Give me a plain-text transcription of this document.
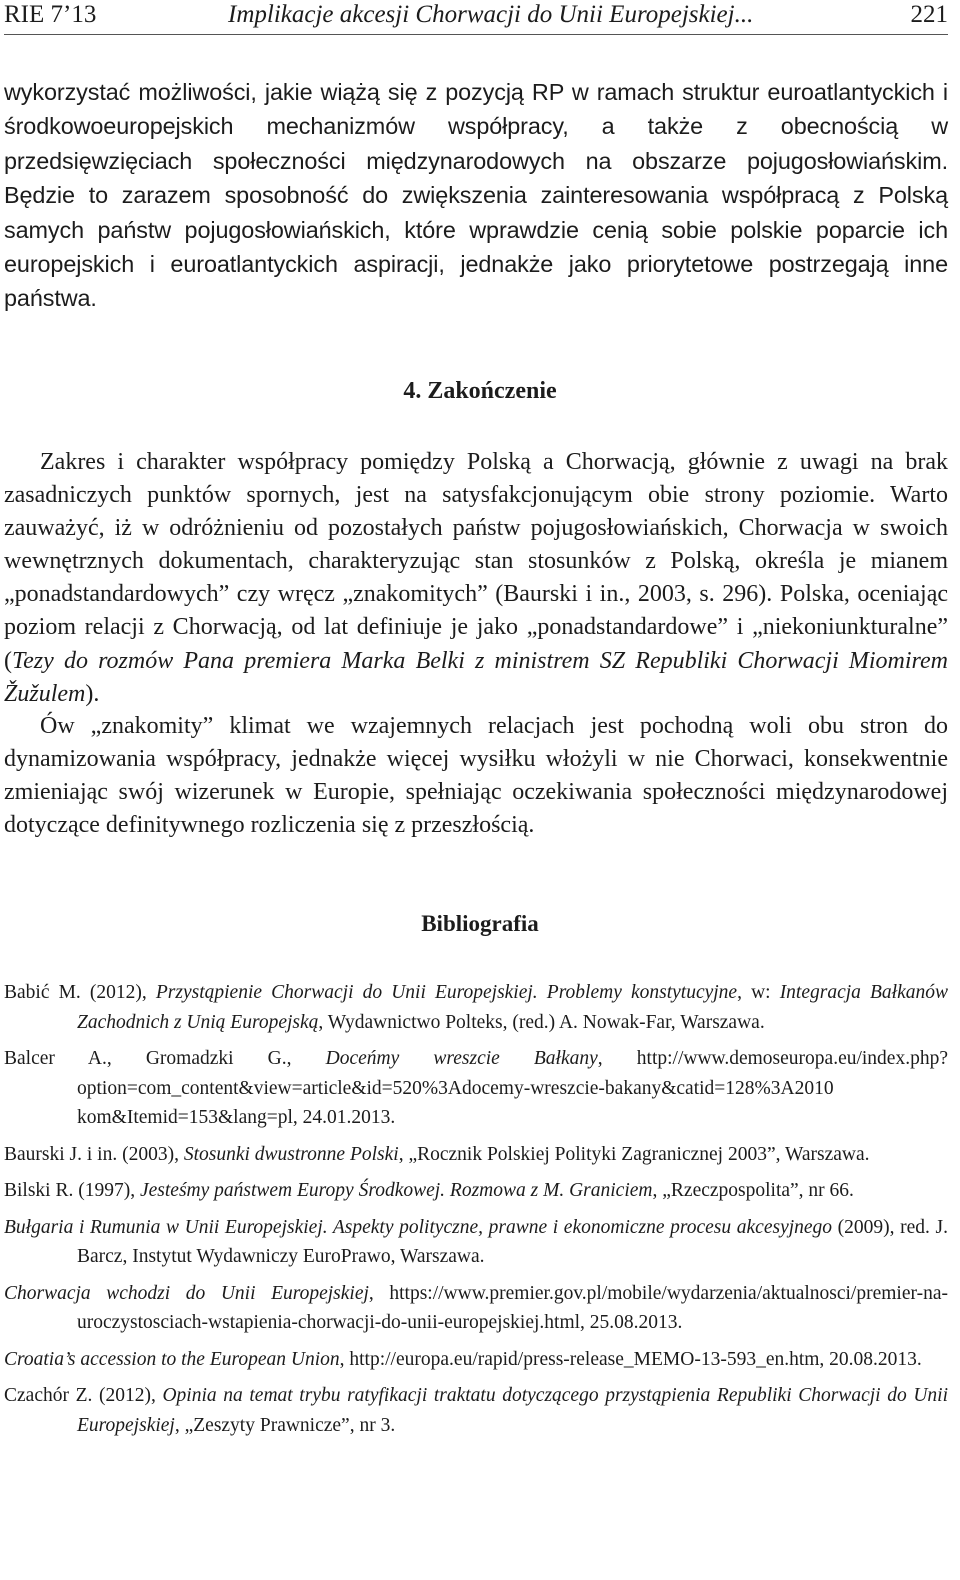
RIE 7’13	Implikacje akcesji Chorwacji do Unii Europejskiej...	221
wykorzystać możliwości, jakie wiążą się z pozycją RP w ramach struktur euroatlantyckich i środkowoeuropejskich mechanizmów współpracy, a także z obecnością w przedsięwzięciach społeczności międzynarodowych na obszarze pojugosłowiańskim. Będzie to zarazem sposobność do zwiększenia zainteresowania współpracą z Polską samych państw pojugosłowiańskich, które wprawdzie cenią sobie polskie poparcie ich europejskich i euroatlantyckich aspiracji, jednakże jako priorytetowe postrzegają inne państwa.
4. Zakończenie
Zakres i charakter współpracy pomiędzy Polską a Chorwacją, głównie z uwagi na brak zasadniczych punktów spornych, jest na satysfakcjonującym obie strony poziomie. Warto zauważyć, iż w odróżnieniu od pozostałych państw pojugosłowiańskich, Chorwacja w swoich wewnętrznych dokumentach, charakteryzując stan stosunków z Polską, określa je mianem „ponadstandardowych” czy wręcz „znakomitych” (Baurski i in., 2003, s. 296). Polska, oceniając poziom relacji z Chorwacją, od lat definiuje je jako „ponadstandardowe” i „niekoniunkturalne” (Tezy do rozmów Pana premiera Marka Belki z ministrem SZ Republiki Chorwacji Miomirem Žužulem).
Ów „znakomity” klimat we wzajemnych relacjach jest pochodną woli obu stron do dynamizowania współpracy, jednakże więcej wysiłku włożyli w nie Chorwaci, konsekwentnie zmieniając swój wizerunek w Europie, spełniając oczekiwania społeczności międzynarodowej dotyczące definitywnego rozliczenia się z przeszłością.
Bibliografia
Babić M. (2012), Przystąpienie Chorwacji do Unii Europejskiej. Problemy konstytucyjne, w: Integracja Bałkanów Zachodnich z Unią Europejską, Wydawnictwo Polteks, (red.) A. Nowak-Far, Warszawa.
Balcer A., Gromadzki G., Doceńmy wreszcie Bałkany, http://www.demoseuropa.eu/index.php?option=com_content&view=article&id=520%3Adocemy-wreszcie-bakany&catid=128%3A2010 kom&Itemid=153&lang=pl, 24.01.2013.
Baurski J. i in. (2003), Stosunki dwustronne Polski, „Rocznik Polskiej Polityki Zagranicznej 2003”, Warszawa.
Bilski R. (1997), Jesteśmy państwem Europy Środkowej. Rozmowa z M. Graniciem, „Rzeczpospolita”, nr 66.
Bułgaria i Rumunia w Unii Europejskiej. Aspekty polityczne, prawne i ekonomiczne procesu akcesyjnego (2009), red. J. Barcz, Instytut Wydawniczy EuroPrawo, Warszawa.
Chorwacja wchodzi do Unii Europejskiej, https://www.premier.gov.pl/mobile/wydarzenia/aktualnosci/premier-na-uroczystosciach-wstapienia-chorwacji-do-unii-europejskiej.html, 25.08.2013.
Croatia’s accession to the European Union, http://europa.eu/rapid/press-release_MEMO-13-593_en.htm, 20.08.2013.
Czachór Z. (2012), Opinia na temat trybu ratyfikacji traktatu dotyczącego przystąpienia Republiki Chorwacji do Unii Europejskiej, „Zeszyty Prawnicze”, nr 3.
